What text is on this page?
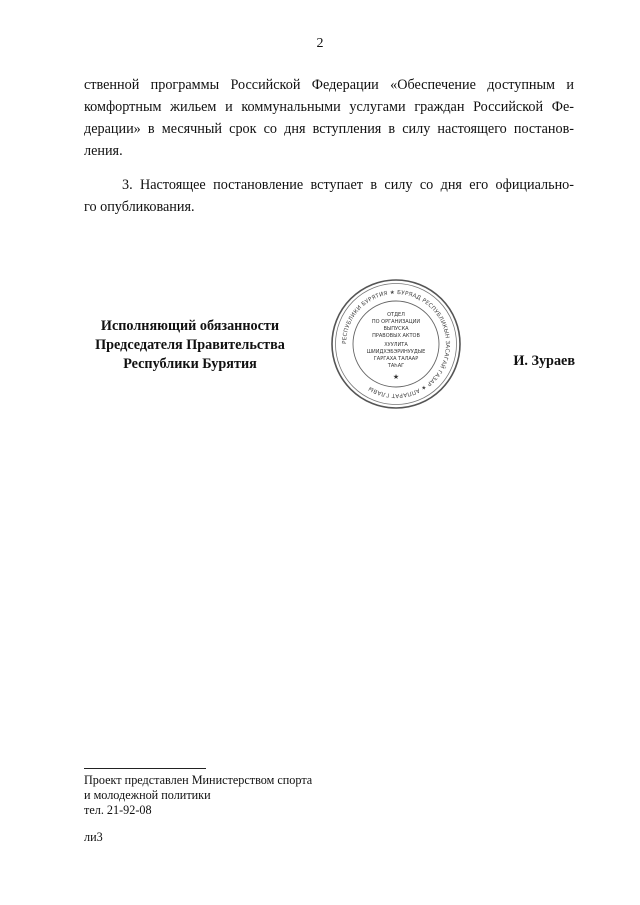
2
ственной программы Российской Федерации «Обеспечение доступным и
комфортным жильем и коммунальными услугами граждан Российской Фе-
дерации» в месячный срок со дня вступления в силу настоящего постанов-
ления.
3. Настоящее постановление вступает в силу со дня его официально-
го опубликования.
Исполняющий обязанности
Председателя Правительства
Республики Бурятия
РЕСПУБЛИКИ БУРЯТИЯ ★ БУРЯАД РЕСПУБЛИКЫН ЗАСАГАЙ ГАЗАР ★ АППАРАТ ГЛАВЫ
ОТДЕЛ
ПО ОРГАНИЗАЦИИ
ВЫПУСКА
ПРАВОВЫХ АКТОВ
ХУУЛИТА
ШИИДХЭБЭРИНУУДЫЕ
ГАРГАХА ТАЛААР
ТАҺАГ
★
И. Зураев
Проект представлен Министерством спорта
и молодежной политики
тел. 21-92-08
ли3
